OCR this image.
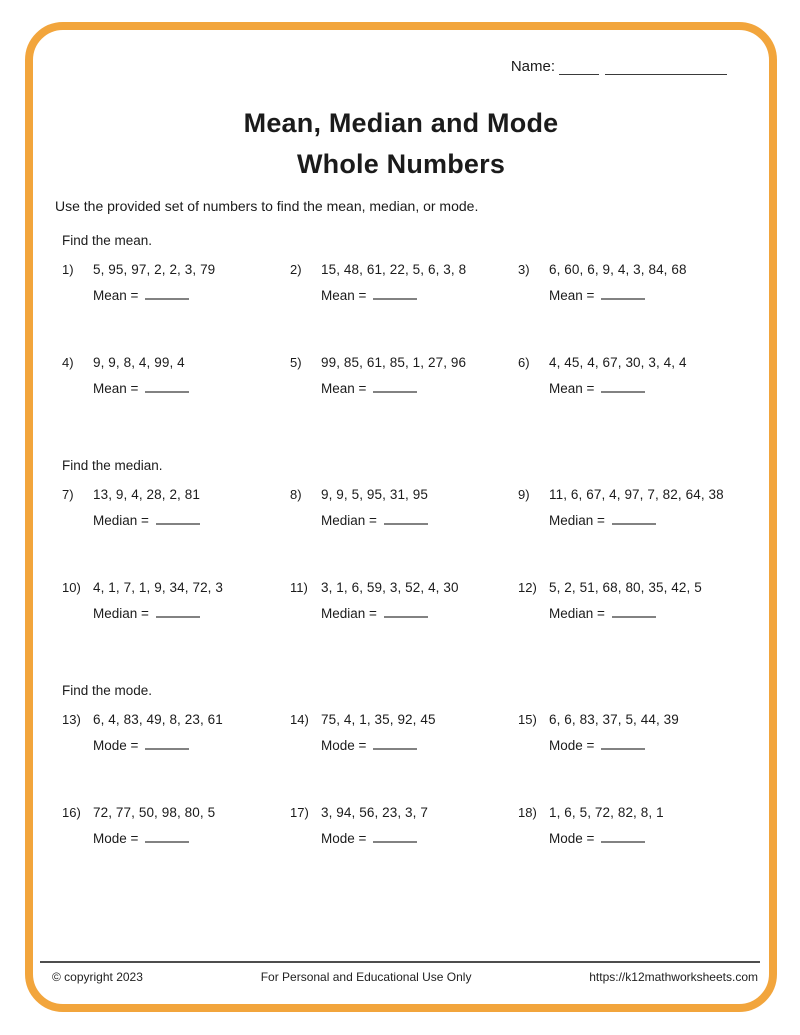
Name:
Mean, Median and Mode
Whole Numbers
Use the provided set of numbers to find the mean, median, or mode.
Find the mean.
1)	5, 95, 97, 2, 2, 3, 79
Mean =
2)	15, 48, 61, 22, 5, 6, 3, 8
Mean =
3)	6, 60, 6, 9, 4, 3, 84, 68
Mean =
4)	9, 9, 8, 4, 99, 4
Mean =
5)	99, 85, 61, 85, 1, 27, 96
Mean =
6)	4, 45, 4, 67, 30, 3, 4, 4
Mean =
Find the median.
7)	13, 9, 4, 28, 2, 81
Median =
8)	9, 9, 5, 95, 31, 95
Median =
9)	11, 6, 67, 4, 97, 7, 82, 64, 38
Median =
10) 4, 1, 7, 1, 9, 34, 72, 3
Median =
11) 3, 1, 6, 59, 3, 52, 4, 30
Median =
12) 5, 2, 51, 68, 80, 35, 42, 5
Median =
Find the mode.
13) 6, 4, 83, 49, 8, 23, 61
Mode =
14) 75, 4, 1, 35, 92, 45
Mode =
15) 6, 6, 83, 37, 5, 44, 39
Mode =
16) 72, 77, 50, 98, 80, 5
Mode =
17) 3, 94, 56, 23, 3, 7
Mode =
18) 1, 6, 5, 72, 82, 8, 1
Mode =
© copyright 2023	For Personal and Educational Use Only	https://k12mathworksheets.com
